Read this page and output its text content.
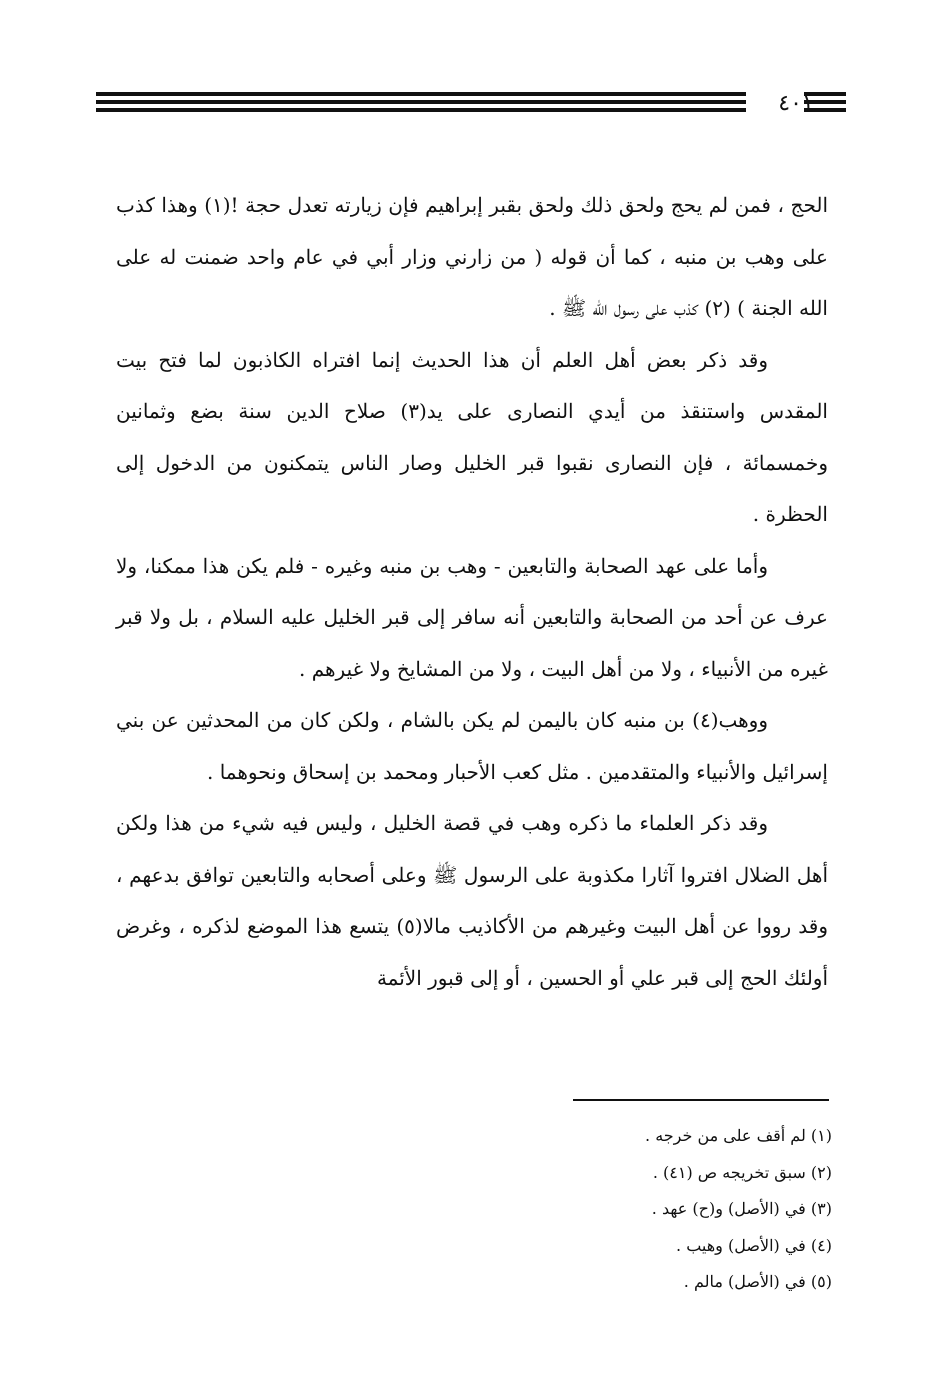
٤٠١

الحج ، فمن لم يحج ولحق ذلك ولحق بقبر إبراهيم فإن زيارته تعدل حجة !(١) وهذا كذب على وهب بن منبه ، كما أن قوله ( من زارني وزار أبي في عام واحد ضمنت له على الله الجنة ) (٢) كذب على رسول الله ﷺ .

وقد ذكر بعض أهل العلم أن هذا الحديث إنما افتراه الكاذبون لما فتح بيت المقدس واستنقذ من أيدي النصارى على يد(٣) صلاح الدين سنة بضع وثمانين وخمسمائة ، فإن النصارى نقبوا قبر الخليل وصار الناس يتمكنون من الدخول إلى الحظرة .

وأما على عهد الصحابة والتابعين - وهب بن منبه وغيره - فلم يكن هذا ممكنا، ولا عرف عن أحد من الصحابة والتابعين أنه سافر إلى قبر الخليل عليه السلام ، بل ولا قبر غيره من الأنبياء ، ولا من أهل البيت ، ولا من المشايخ ولا غيرهم .

ووهب(٤) بن منبه كان باليمن لم يكن بالشام ، ولكن كان من المحدثين عن بني إسرائيل والأنبياء والمتقدمين . مثل كعب الأحبار ومحمد بن إسحاق ونحوهما .

وقد ذكر العلماء ما ذكره وهب في قصة الخليل ، وليس فيه شيء من هذا ولكن أهل الضلال افتروا آثارا مكذوبة على الرسول ﷺ وعلى أصحابه والتابعين توافق بدعهم ، وقد رووا عن أهل البيت وغيرهم من الأكاذيب مالا(٥) يتسع هذا الموضع لذكره ، وغرض أولئك الحج إلى قبر علي أو الحسين ، أو إلى قبور الأئمة

(١) لم أقف على من خرجه .
(٢) سبق تخريجه ص (٤١) .
(٣) في (الأصل) و(ح) عهد .
(٤) في (الأصل) وهيب .
(٥) في (الأصل) مالم .
